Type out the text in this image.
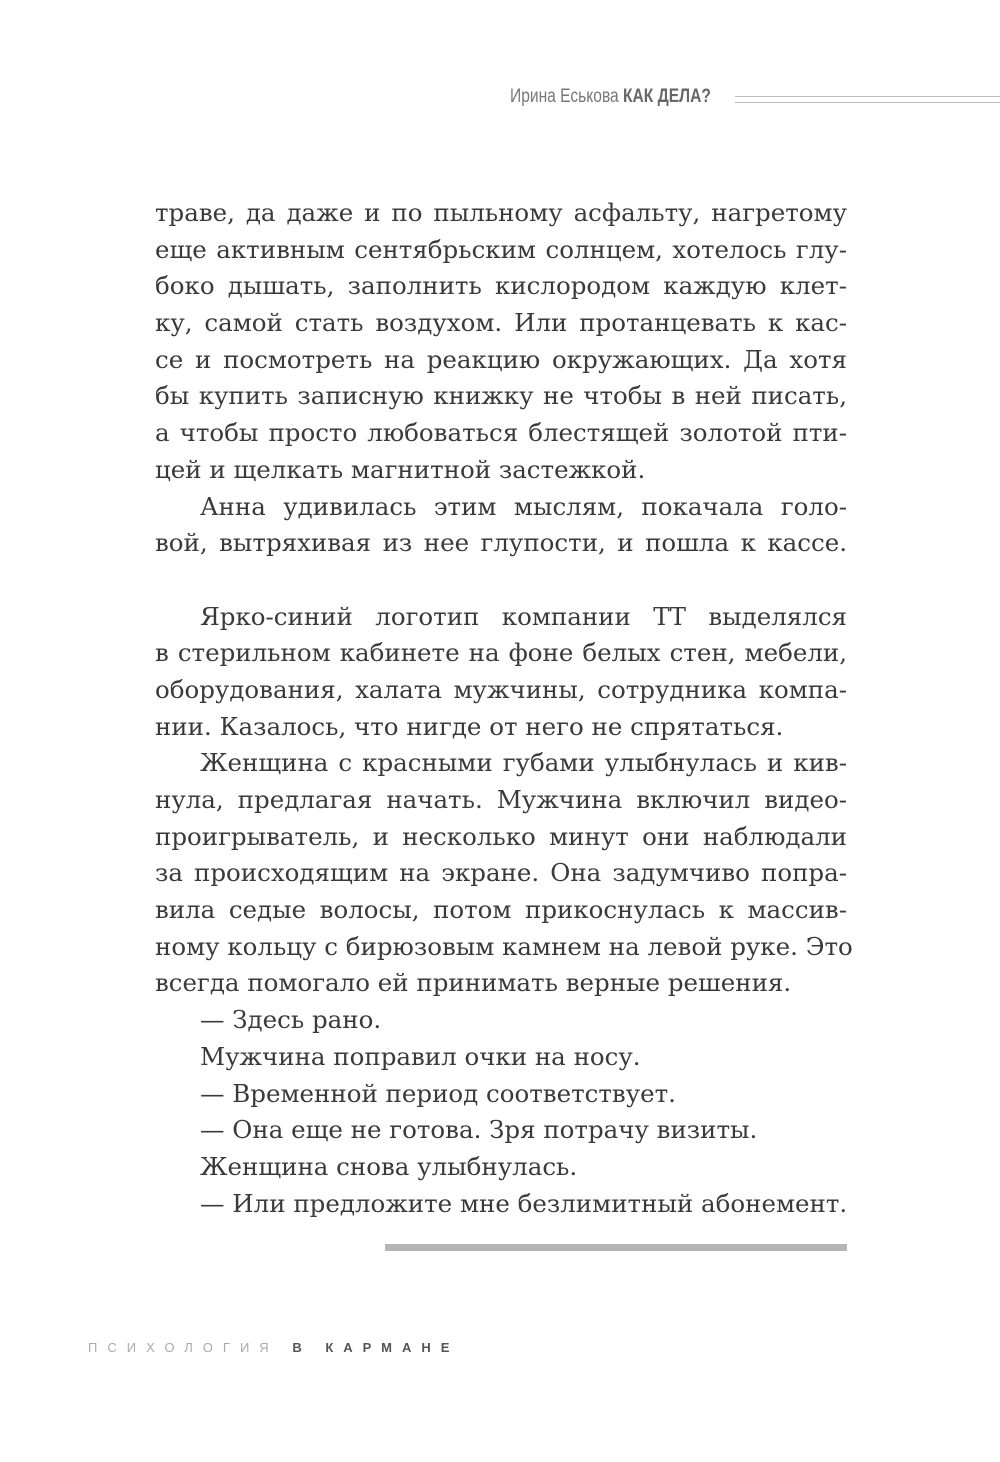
Ирина Еськова КАК ДЕЛА?
траве, да даже и по пыльному асфальту, нагретому
еще активным сентябрьским солнцем, хотелось глу-
боко дышать, заполнить кислородом каждую клет-
ку, самой стать воздухом. Или протанцевать к кас-
се и посмотреть на реакцию окружающих. Да хотя
бы купить записную книжку не чтобы в ней писать,
а чтобы просто любоваться блестящей золотой пти-
цей и щелкать магнитной застежкой.
Анна удивилась этим мыслям, покачала голо-
вой, вытряхивая из нее глупости, и пошла к кассе.
Ярко-синий логотип компании ТТ выделялся
в стерильном кабинете на фоне белых стен, мебели,
оборудования, халата мужчины, сотрудника компа-
нии. Казалось, что нигде от него не спрятаться.
Женщина с красными губами улыбнулась и кив-
нула, предлагая начать. Мужчина включил видео-
проигрыватель, и несколько минут они наблюдали
за происходящим на экране. Она задумчиво попра-
вила седые волосы, потом прикоснулась к массив-
ному кольцу с бирюзовым камнем на левой руке. Это
всегда помогало ей принимать верные решения.
— Здесь рано.
Мужчина поправил очки на носу.
— Временной период соответствует.
— Она еще не готова. Зря потрачу визиты.
Женщина снова улыбнулась.
— Или предложите мне безлимитный абонемент.
ПСИХОЛОГИЯ В КАРМАНЕ
